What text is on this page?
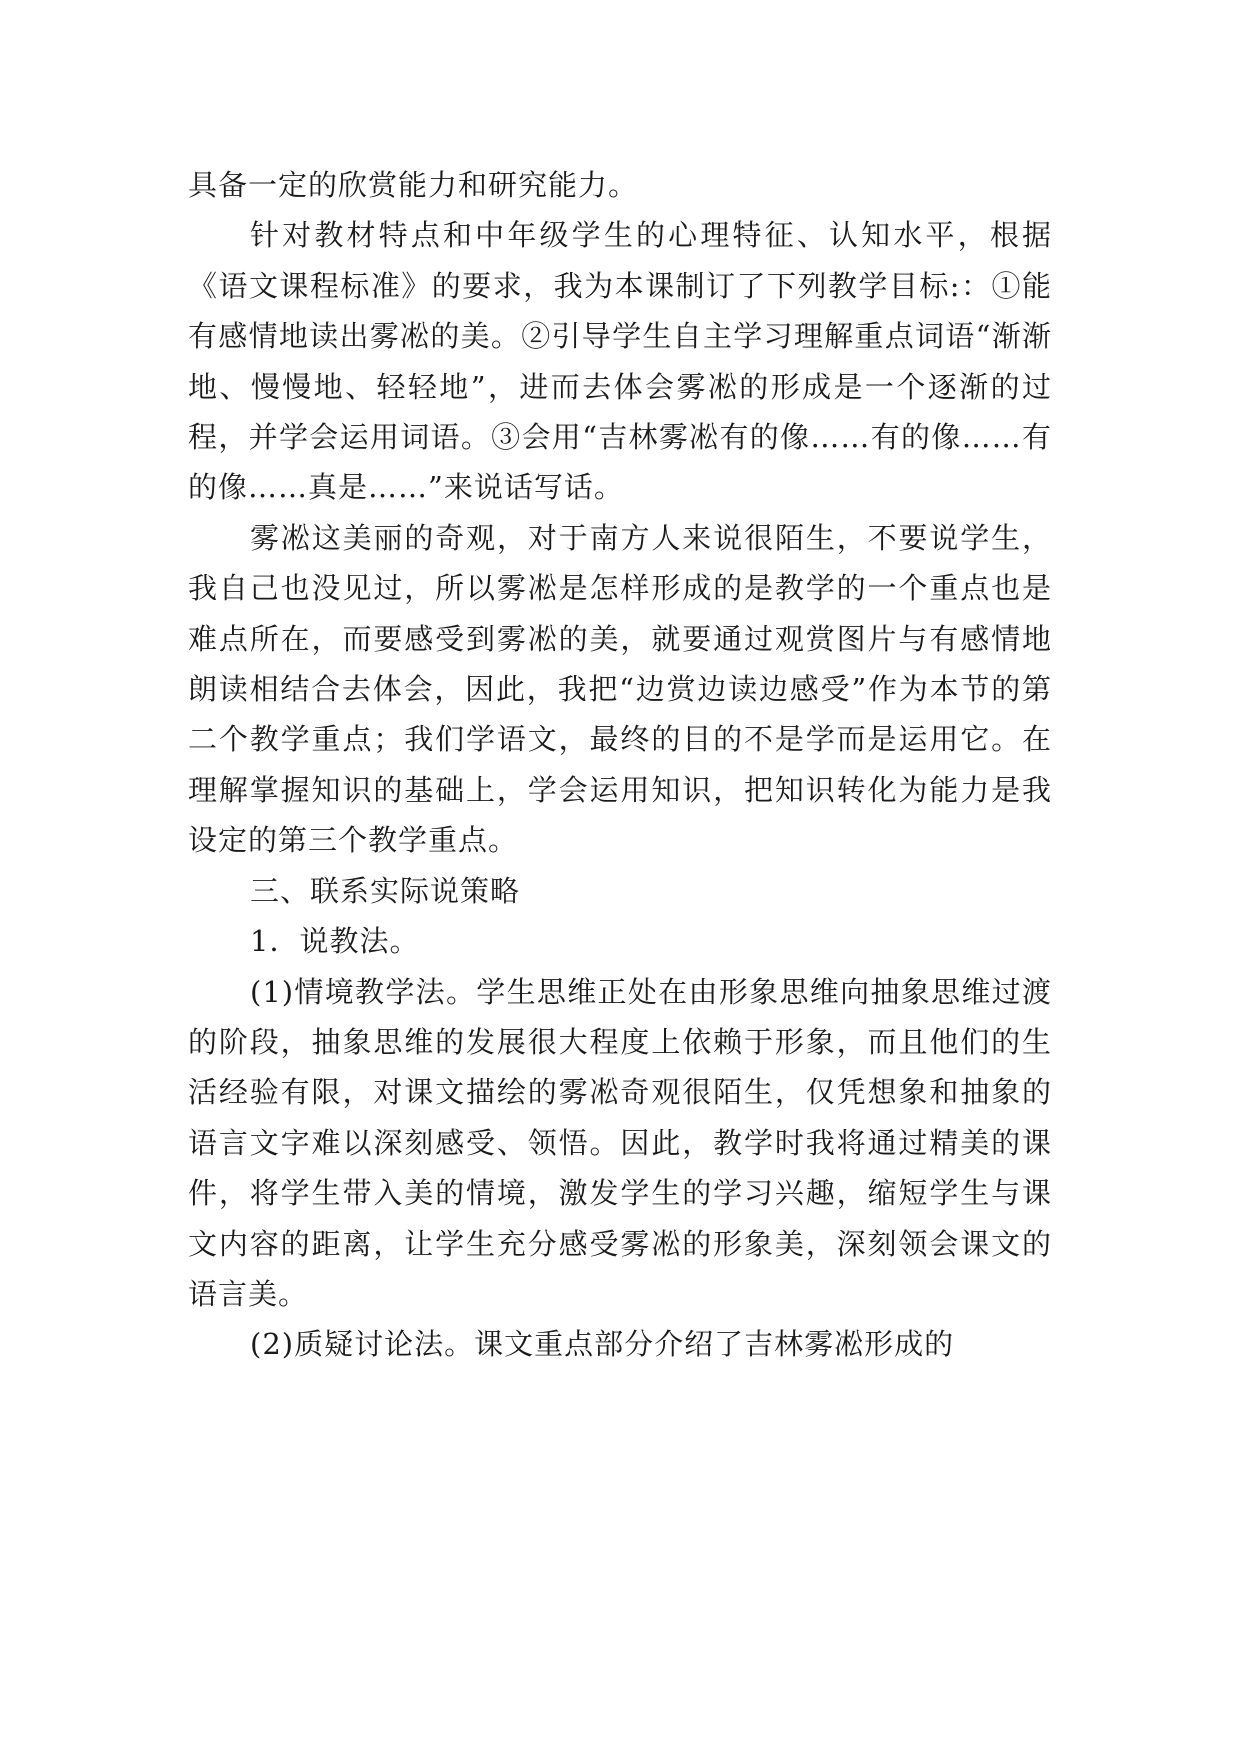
具备一定的欣赏能力和研究能力。

针对教材特点和中年级学生的心理特征、认知水平，根据《语文课程标准》的要求，我为本课制订了下列教学目标:：①能有感情地读出雾凇的美。②引导学生自主学习理解重点词语“渐渐地、慢慢地、轻轻地”，进而去体会雾凇的形成是一个逐渐的过程，并学会运用词语。③会用“吉林雾凇有的像……有的像……有的像……真是……”来说话写话。

雾凇这美丽的奇观，对于南方人来说很陌生，不要说学生，我自己也没见过，所以雾凇是怎样形成的是教学的一个重点也是难点所在，而要感受到雾凇的美，就要通过观赏图片与有感情地朗读相结合去体会，因此，我把“边赏边读边感受”作为本节的第二个教学重点；我们学语文，最终的目的不是学而是运用它。在理解掌握知识的基础上，学会运用知识，把知识转化为能力是我设定的第三个教学重点。

三、联系实际说策略

1．说教法。

(1)情境教学法。学生思维正处在由形象思维向抽象思维过渡的阶段，抽象思维的发展很大程度上依赖于形象，而且他们的生活经验有限，对课文描绘的雾凇奇观很陌生，仅凭想象和抽象的语言文字难以深刻感受、领悟。因此，教学时我将通过精美的课件，将学生带入美的情境，激发学生的学习兴趣，缩短学生与课文内容的距离，让学生充分感受雾凇的形象美，深刻领会课文的语言美。

(2)质疑讨论法。课文重点部分介绍了吉林雾凇形成的
